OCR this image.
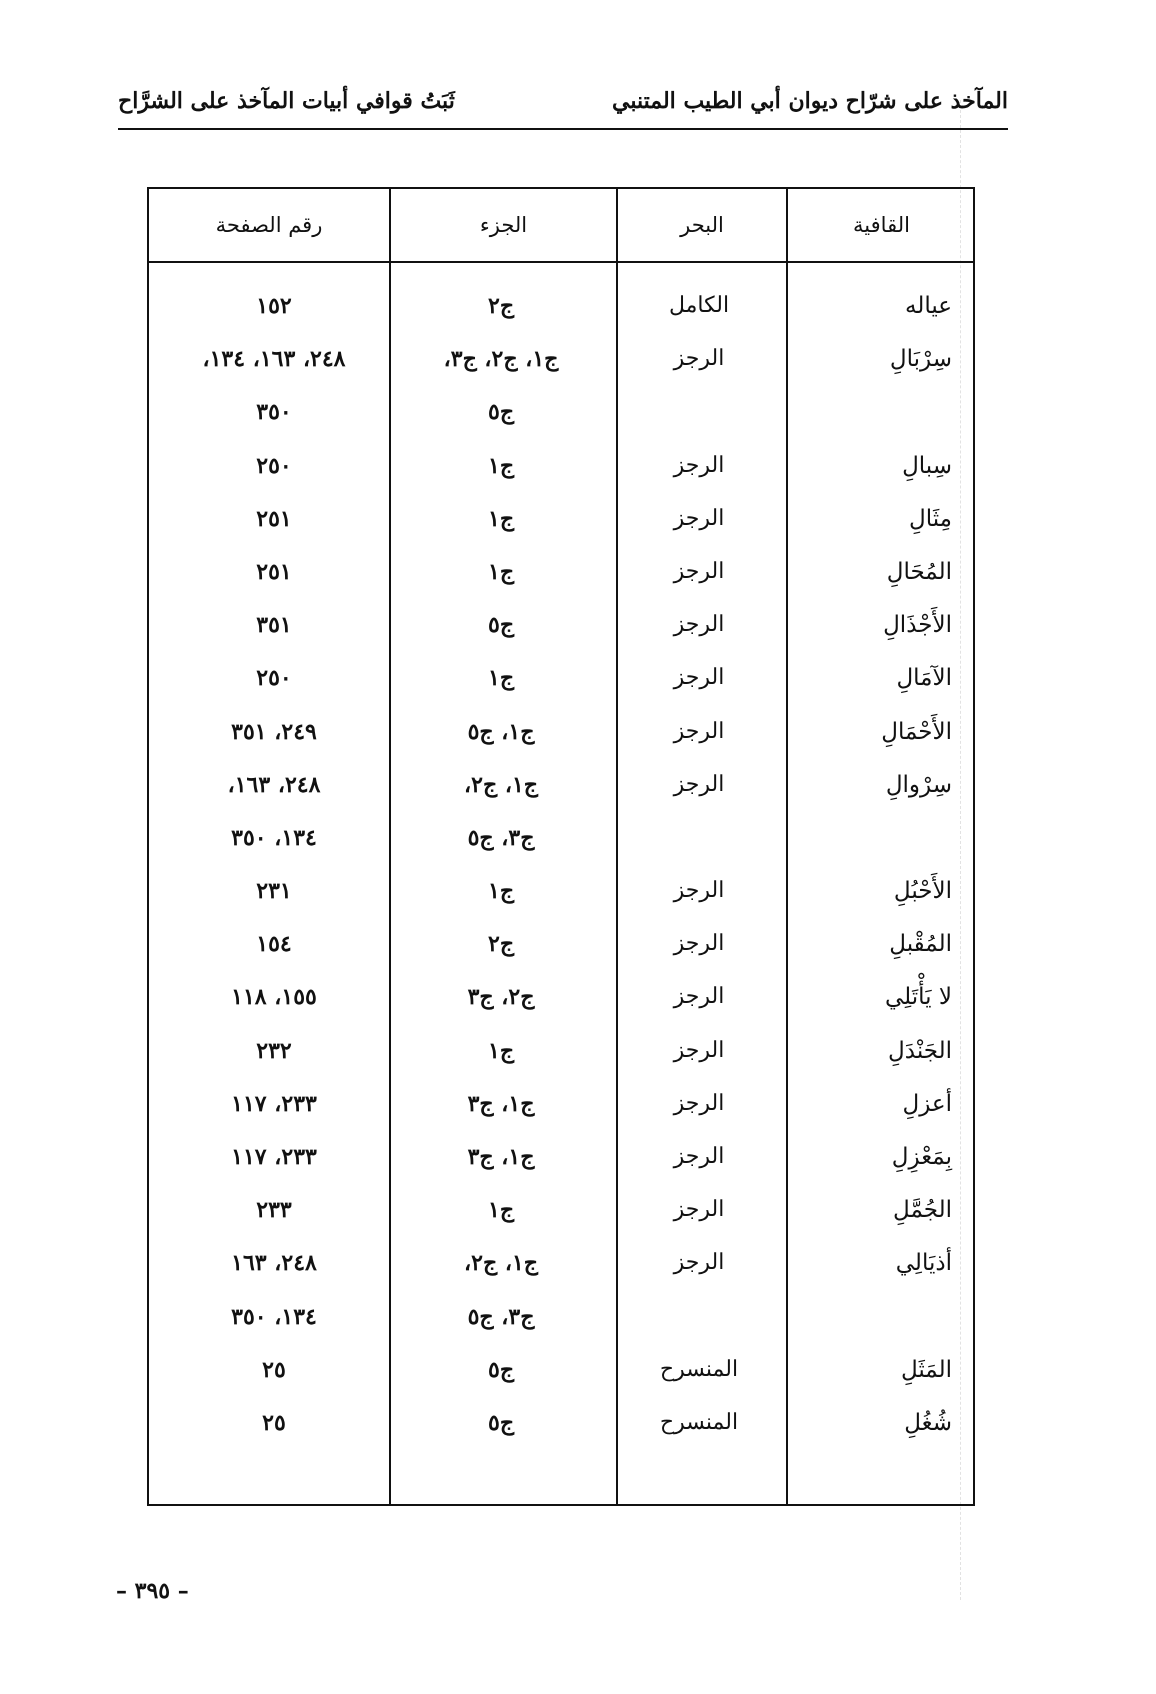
المآخذ على شرّاح ديوان أبي الطيب المتنبي
ثَبَتُ قوافي أبيات المآخذ على الشرَّاح
القافية
البحر
الجزء
رقم الصفحة
عياله
الكامل
ج٢
١٥٢
سِرْبَالِ
الرجز
ج١، ج٢، ج٣،
٢٤٨، ١٦٣، ١٣٤،
ج٥
٣٥٠
سِبالِ
الرجز
ج١
٢٥٠
مِثَالِ
الرجز
ج١
٢٥١
المُحَالِ
الرجز
ج١
٢٥١
الأَجْذَالِ
الرجز
ج٥
٣٥١
الآمَالِ
الرجز
ج١
٢٥٠
الأَحْمَالِ
الرجز
ج١، ج٥
٢٤٩، ٣٥١
سِرْوالِ
الرجز
ج١، ج٢،
٢٤٨، ١٦٣،
ج٣، ج٥
١٣٤، ٣٥٠
الأَحْبُلِ
الرجز
ج١
٢٣١
المُقْبلِ
الرجز
ج٢
١٥٤
لا يَأْتَلِي
الرجز
ج٢، ج٣
١٥٥، ١١٨
الجَنْدَلِ
الرجز
ج١
٢٣٢
أعزلِ
الرجز
ج١، ج٣
٢٣٣، ١١٧
بِمَعْزِلِ
الرجز
ج١، ج٣
٢٣٣، ١١٧
الجُمَّلِ
الرجز
ج١
٢٣٣
أذيَالِي
الرجز
ج١، ج٢،
٢٤٨، ١٦٣
ج٣، ج٥
١٣٤، ٣٥٠
المَثَلِ
المنسرح
ج٥
٢٥
شُغُلِ
المنسرح
ج٥
٢٥
– ٣٩٥ –
